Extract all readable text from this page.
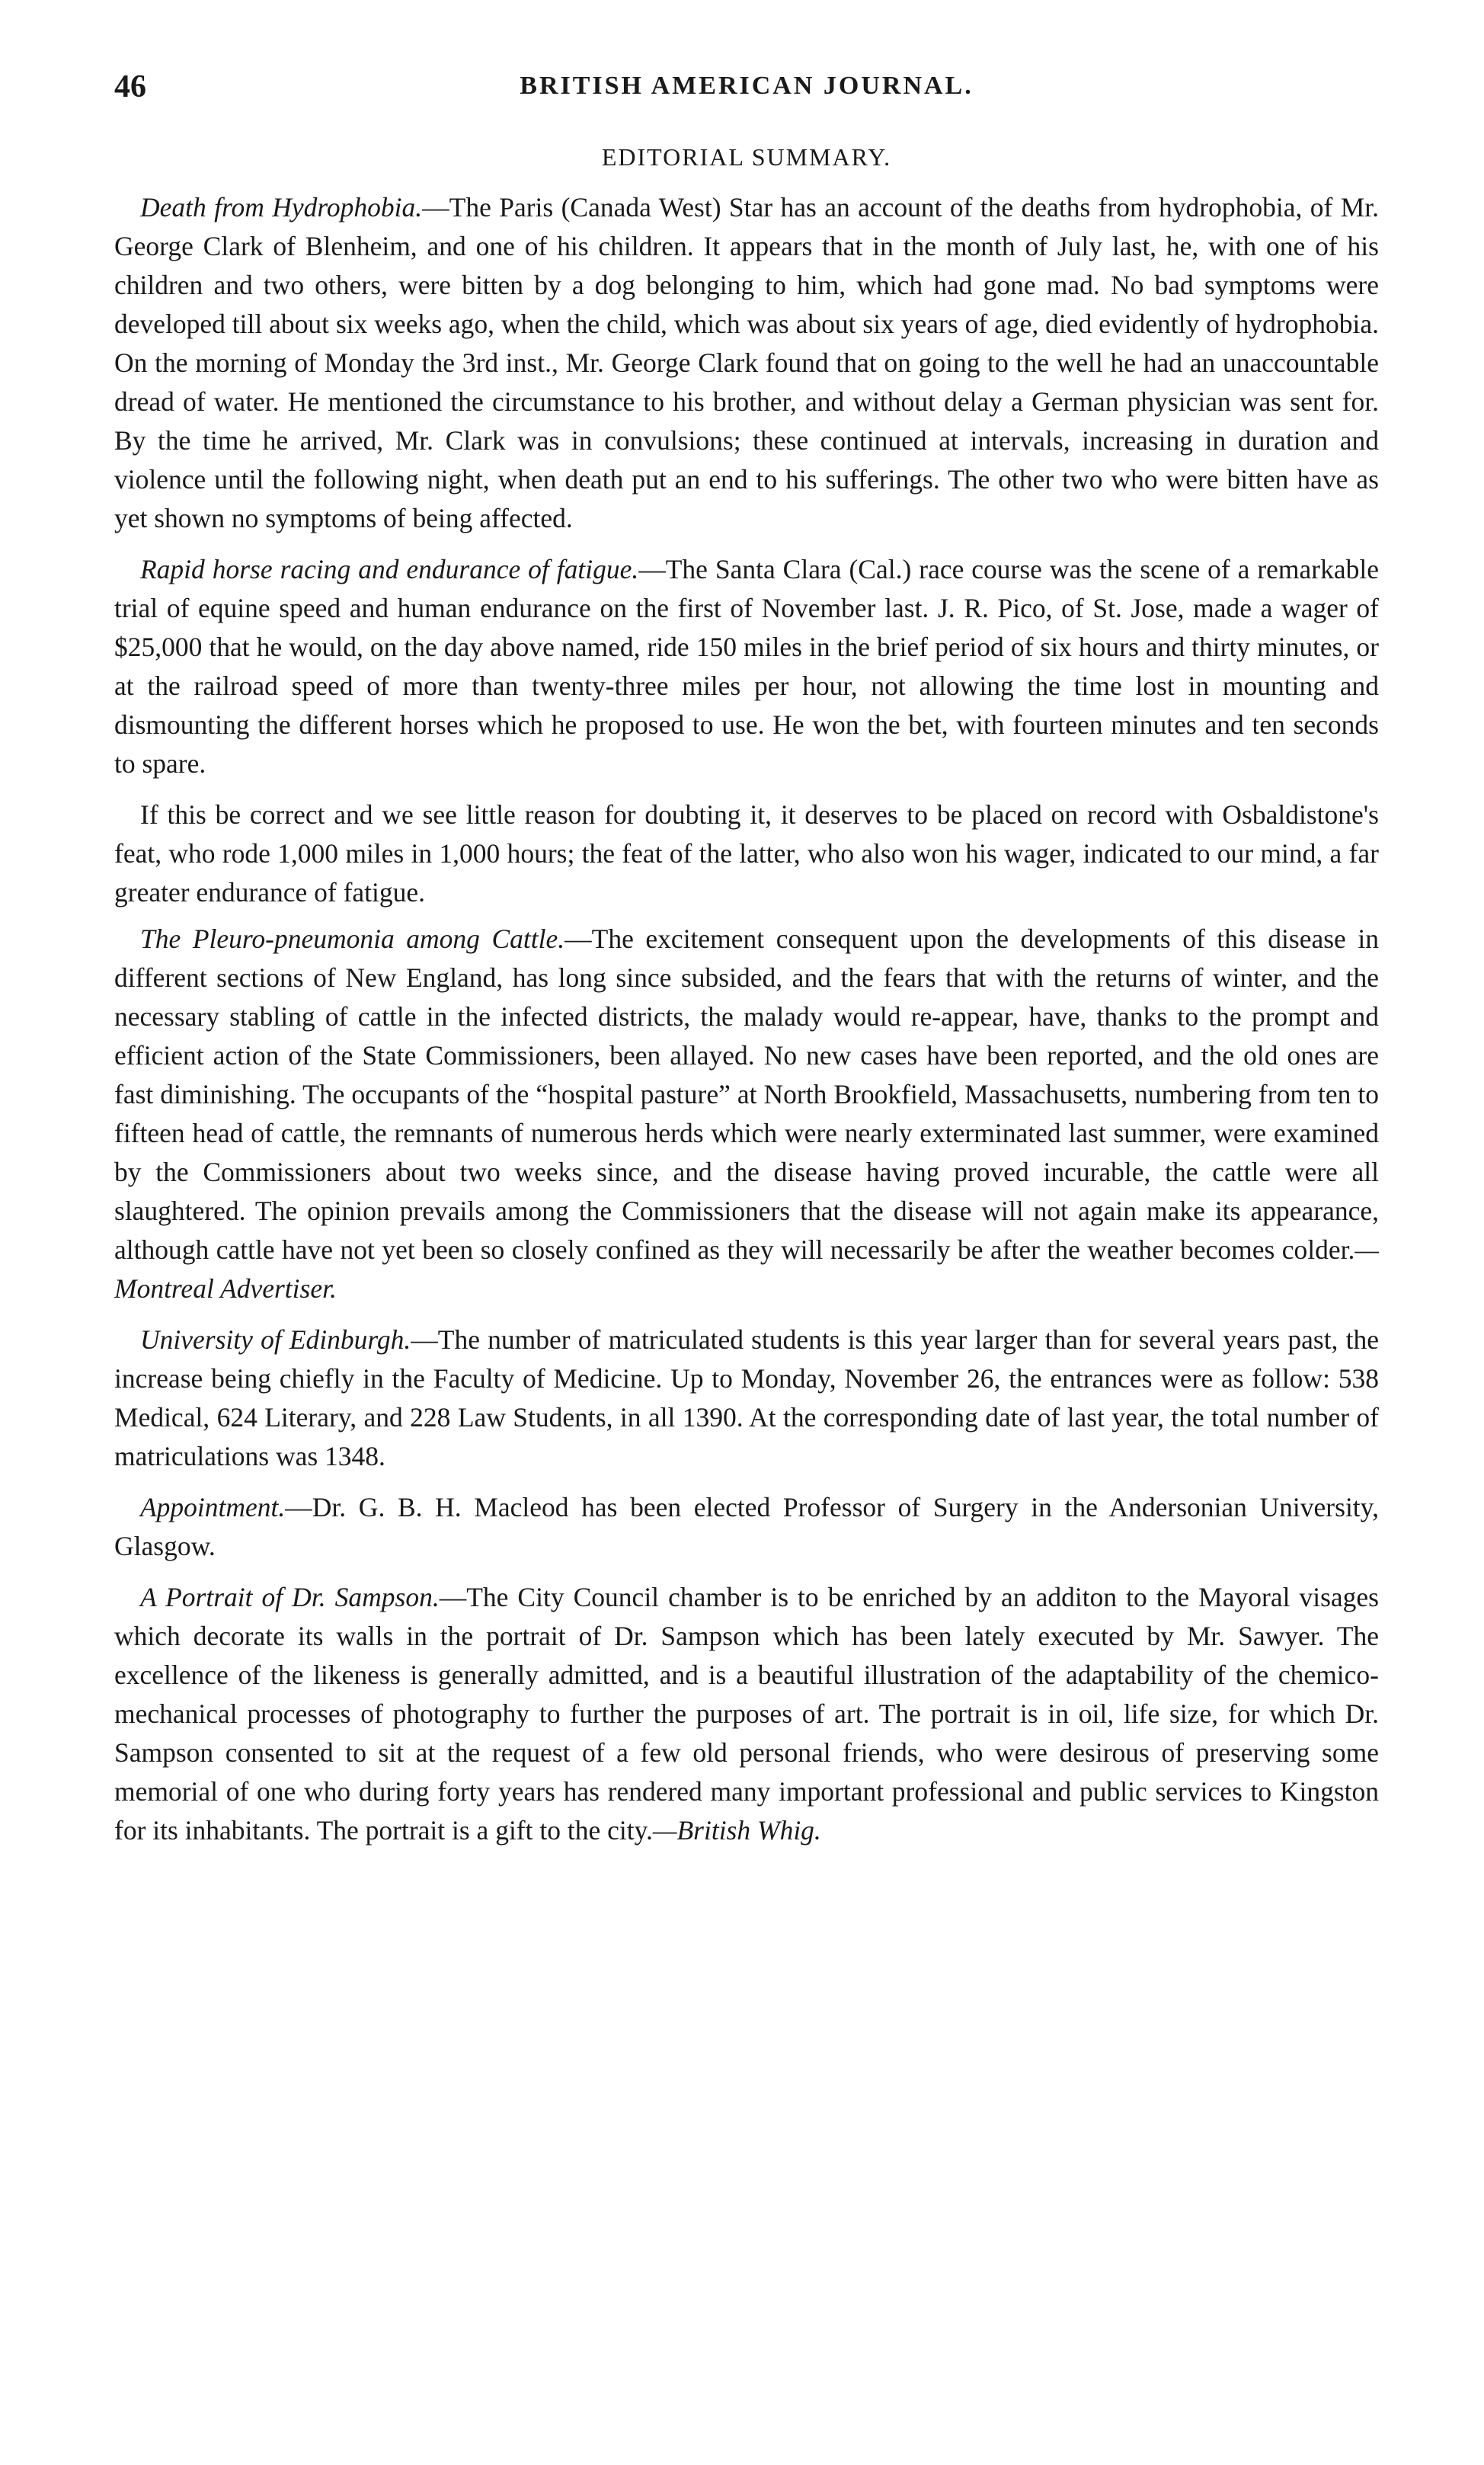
46	BRITISH AMERICAN JOURNAL.
EDITORIAL SUMMARY.

Death from Hydrophobia.—The Paris (Canada West) Star has an account of the deaths from hydrophobia, of Mr. George Clark of Blenheim, and one of his children. It appears that in the month of July last, he, with one of his children and two others, were bitten by a dog belonging to him, which had gone mad. No bad symptoms were developed till about six weeks ago, when the child, which was about six years of age, died evidently of hydrophobia. On the morning of Monday the 3rd inst., Mr. George Clark found that on going to the well he had an unaccountable dread of water. He mentioned the circumstance to his brother, and without delay a German physician was sent for. By the time he arrived, Mr. Clark was in convulsions; these continued at intervals, increasing in duration and violence until the following night, when death put an end to his sufferings. The other two who were bitten have as yet shown no symptoms of being affected.

Rapid horse racing and endurance of fatigue.—The Santa Clara (Cal.) race course was the scene of a remarkable trial of equine speed and human endurance on the first of November last. J. R. Pico, of St. Jose, made a wager of $25,000 that he would, on the day above named, ride 150 miles in the brief period of six hours and thirty minutes, or at the railroad speed of more than twenty-three miles per hour, not allowing the time lost in mounting and dismounting the different horses which he proposed to use. He won the bet, with fourteen minutes and ten seconds to spare.

If this be correct and we see little reason for doubting it, it deserves to be placed on record with Osbaldistone's feat, who rode 1,000 miles in 1,000 hours; the feat of the latter, who also won his wager, indicated to our mind, a far greater endurance of fatigue.

The Pleuro-pneumonia among Cattle.—The excitement consequent upon the developments of this disease in different sections of New England, has long since subsided, and the fears that with the returns of winter, and the necessary stabling of cattle in the infected districts, the malady would re-appear, have, thanks to the prompt and efficient action of the State Commissioners, been allayed. No new cases have been reported, and the old ones are fast diminishing. The occupants of the “hospital pasture” at North Brookfield, Massachusetts, numbering from ten to fifteen head of cattle, the remnants of numerous herds which were nearly exterminated last summer, were examined by the Commissioners about two weeks since, and the disease having proved incurable, the cattle were all slaughtered. The opinion prevails among the Commissioners that the disease will not again make its appearance, although cattle have not yet been so closely confined as they will necessarily be after the weather becomes colder.—Montreal Advertiser.

University of Edinburgh.—The number of matriculated students is this year larger than for several years past, the increase being chiefly in the Faculty of Medicine. Up to Monday, November 26, the entrances were as follow: 538 Medical, 624 Literary, and 228 Law Students, in all 1390. At the corresponding date of last year, the total number of matriculations was 1348.

Appointment.—Dr. G. B. H. Macleod has been elected Professor of Surgery in the Andersonian University, Glasgow.

A Portrait of Dr. Sampson.—The City Council chamber is to be enriched by an additon to the Mayoral visages which decorate its walls in the portrait of Dr. Sampson which has been lately executed by Mr. Sawyer. The excellence of the likeness is generally admitted, and is a beautiful illustration of the adaptability of the chemico-mechanical processes of photography to further the purposes of art. The portrait is in oil, life size, for which Dr. Sampson consented to sit at the request of a few old personal friends, who were desirous of preserving some memorial of one who during forty years has rendered many important professional and public services to Kingston for its inhabitants. The portrait is a gift to the city.—British Whig.
